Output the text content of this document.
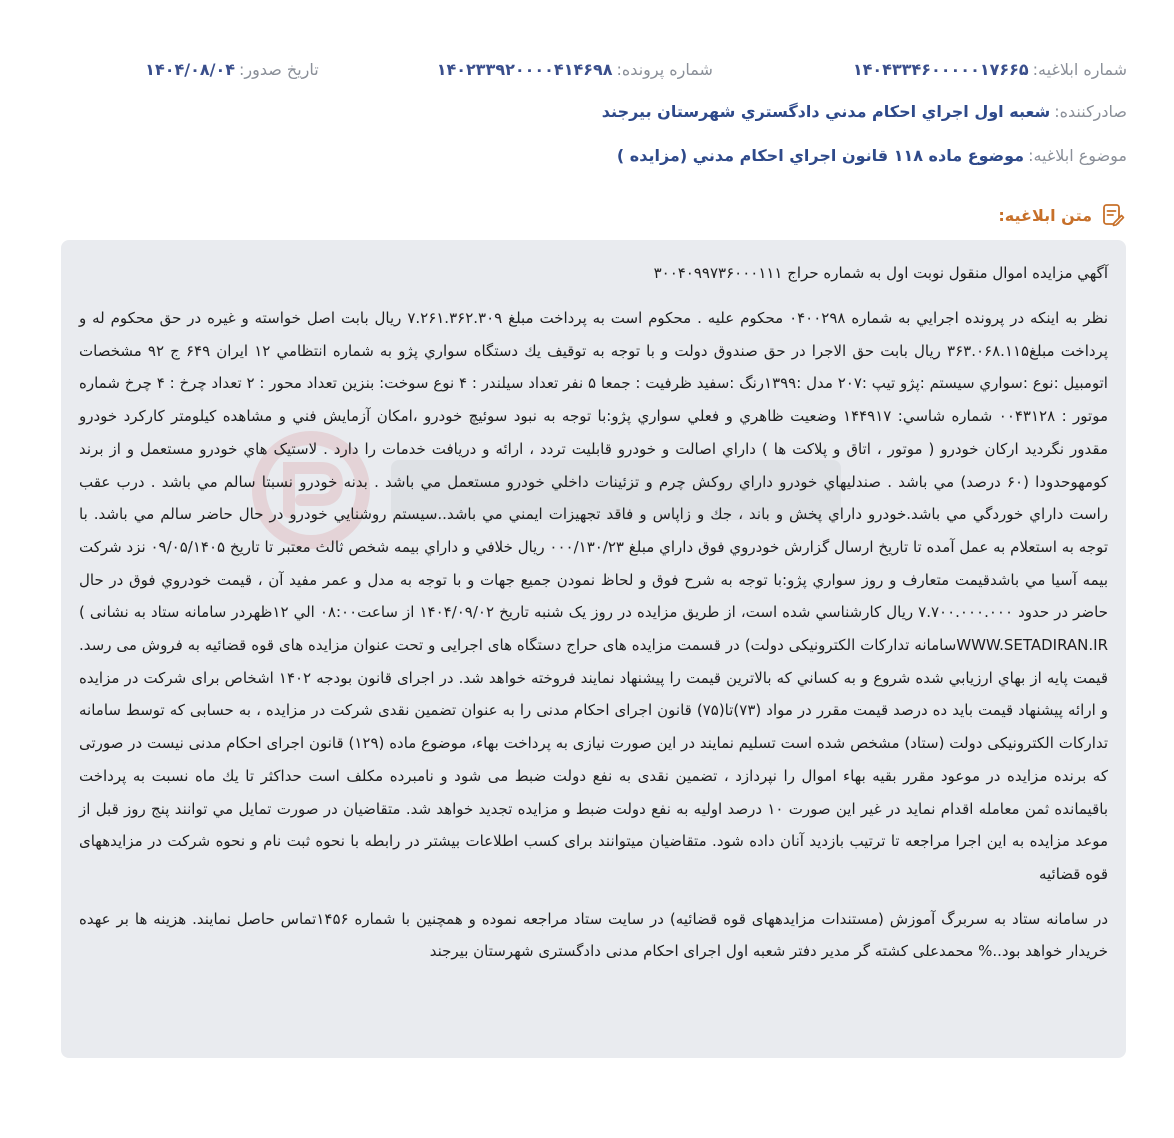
شماره ابلاغيه:
۱۴۰۴۳۳۴۶۰۰۰۰۰۱۷۶۶۵
شماره پرونده:
۱۴۰۲۳۳۹۲۰۰۰۰۴۱۴۶۹۸
تاريخ صدور:
۱۴۰۴/۰۸/۰۴
صادرکننده:
شعبه اول اجراي احکام مدني دادگستري شهرستان بيرجند
موضوع ابلاغيه:
موضوع ماده ۱۱۸ قانون اجراي احکام مدني (مزايده )
متن ابلاغيه:

آگهي مزايده اموال منقول نوبت اول به شماره حراج ۳۰۰۴۰۹۹۷۳۶۰۰۰۱۱۱

نظر به اينکه در پرونده اجرايي به شماره ۰۴۰۰۲۹۸ محکوم عليه . محکوم است به پرداخت مبلغ ۷.۲۶۱.۳۶۲.۳۰۹ ريال بابت اصل خواسته و غيره در حق محکوم له و پرداخت مبلغ۳۶۳.۰۶۸.۱۱۵ ريال بابت حق الاجرا در حق صندوق دولت و با توجه به توقيف يك دستگاه سواري پژو به شماره انتظامي ۱۲ ايران ۶۴۹ ج ۹۲ مشخصات اتومبيل :نوع :سواري سيستم :پژو تيپ :۲۰۷ مدل :۱۳۹۹رنگ :سفيد ظرفيت : جمعا ۵ نفر تعداد سيلندر : ۴ نوع سوخت: بنزين تعداد محور : ۲ تعداد چرخ : ۴ چرخ شماره موتور : ۰۰۴۳۱۲۸ شماره شاسي: ۱۴۴۹۱۷ وضعيت ظاهري و فعلي سواري پژو:با توجه به نبود سوئيچ خودرو ،امکان آزمايش فني و مشاهده کيلومتر کارکرد خودرو مقدور نگرديد ارکان خودرو ( موتور ، اتاق و پلاکت ها ) داراي اصالت و خودرو قابليت تردد ، ارائه و دريافت خدمات را دارد . لاستيک هاي خودرو مستعمل و از برند کومهوحدودا (۶۰ درصد) مي باشد . صندليهاي خودرو داراي روکش چرم و تزئينات داخلي خودرو مستعمل مي باشد . بدنه خودرو نسبتا سالم مي باشد . درب عقب راست داراي خوردگي مي باشد.خودرو داراي پخش و باند ، جك و زاپاس و فاقد تجهيزات ايمني مي باشد..سيستم روشنايي خودرو در حال حاضر سالم مي باشد. با توجه به استعلام به عمل آمده تا تاريخ ارسال گزارش خودروي فوق داراي مبلغ ۰۰۰/۱۳۰/۲۳ ريال خلافي و داراي بيمه شخص ثالث معتبر تا تاريخ ۰۹/۰۵/۱۴۰۵ نزد شرکت بيمه آسيا مي باشدقيمت متعارف و روز سواري پژو:با توجه به شرح فوق و لحاظ نمودن جميع جهات و با توجه به مدل و عمر مفيد آن ، قيمت خودروي فوق در حال حاضر در حدود ۷.۷۰۰.۰۰۰.۰۰۰ ريال کارشناسي شده است، از طريق مزايده در روز يک شنبه تاريخ ۱۴۰۴/۰۹/۰۲ از ساعت۰۸:۰۰ الي ۱۲ظهردر سامانه ستاد به نشانی ) WWW.SETADIRAN.IRسامانه تدارکات الکترونيکی دولت) در قسمت مزايده های حراج دستگاه های اجرايی و تحت عنوان مزايده های قوه قضائيه به فروش می رسد. قيمت پايه از بهاي ارزيابي شده شروع و به کساني که بالاترين قيمت را پيشنهاد نمايند فروخته خواهد شد. در اجرای قانون بودجه ۱۴۰۲ اشخاص برای شرکت در مزايده و ارائه پيشنهاد قيمت بايد ده درصد قيمت مقرر در مواد (۷۳)تا(۷۵) قانون اجرای احکام مدنی را به عنوان تضمين نقدی شرکت در مزايده ، به حسابی که توسط سامانه تدارکات الکترونيکی دولت (ستاد) مشخص شده است تسليم نمايند در اين صورت نيازی به پرداخت بهاء، موضوع ماده (۱۲۹) قانون اجرای احکام مدنی نيست در صورتی که برنده مزايده در موعود مقرر بقيه بهاء اموال را نپردازد ، تضمين نقدی به نفع دولت ضبط می شود و نامبرده مكلف است حداكثر تا يك ماه نسبت به پرداخت باقيمانده ثمن معامله اقدام نمايد در غير اين صورت ۱۰ درصد اوليه به نفع دولت ضبط و مزايده تجديد خواهد شد. متقاضيان در صورت تمايل مي توانند پنج روز قبل از موعد مزايده به اين اجرا مراجعه تا ترتيب بازديد آنان داده شود. متقاضيان ميتوانند برای کسب اطلاعات بيشتر در رابطه با نحوه ثبت نام و نحوه شرکت در مزايدههای قوه قضائيه

در سامانه ستاد به سربرگ آموزش (مستندات مزايدههای قوه قضائيه) در سايت ستاد مراجعه نموده و همچنين با شماره ۱۴۵۶تماس حاصل نمايند. هزينه ها بر عهده خريدار خواهد بود..% محمدعلی کشته گر مدير دفتر شعبه اول اجرای احکام مدنی دادگستری شهرستان بيرجند
